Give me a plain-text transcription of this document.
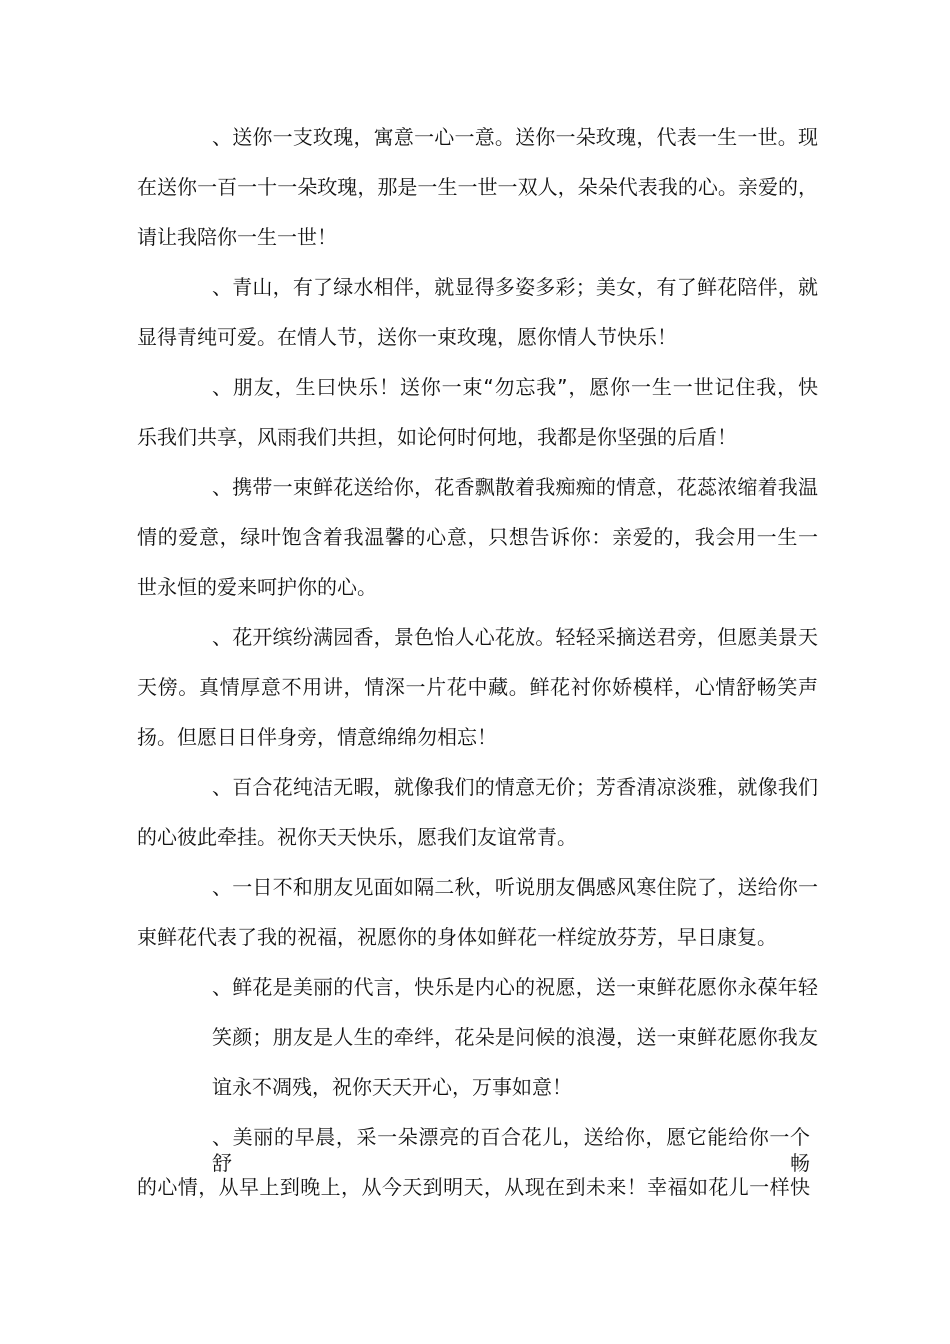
、送你一支玫瑰，寓意一心一意。送你一朵玫瑰，代表一生一世。现
在送你一百一十一朵玫瑰，那是一生一世一双人，朵朵代表我的心。亲爱的，
请让我陪你一生一世！
、青山，有了绿水相伴，就显得多姿多彩；美女，有了鲜花陪伴，就
显得青纯可爱。在情人节，送你一束玫瑰，愿你情人节快乐！
、朋友，生曰快乐！送你一束“勿忘我”，愿你一生一世记住我，快
乐我们共享，风雨我们共担，如论何时何地，我都是你坚强的后盾！
、携带一束鲜花送给你，花香飘散着我痴痴的情意，花蕊浓缩着我温
情的爱意，绿叶饱含着我温馨的心意，只想告诉你：亲爱的，我会用一生一
世永恒的爱来呵护你的心。
、花开缤纷满园香，景色怡人心花放。轻轻采摘送君旁，但愿美景天
天傍。真情厚意不用讲，情深一片花中藏。鲜花衬你娇模样，心情舒畅笑声
扬。但愿日日伴身旁，情意绵绵勿相忘！
、百合花纯洁无暇，就像我们的情意无价；芳香清凉淡雅，就像我们
的心彼此牵挂。祝你天天快乐，愿我们友谊常青。
、一日不和朋友见面如隔二秋，听说朋友偶感风寒住院了，送给你一
束鲜花代表了我的祝福，祝愿你的身体如鲜花一样绽放芬芳，早日康复。
、鲜花是美丽的代言，快乐是内心的祝愿，送一束鲜花愿你永葆年轻
笑颜；朋友是人生的牵绊，花朵是问候的浪漫，送一束鲜花愿你我友
谊永不凋残，祝你天天开心，万事如意！
、美丽的早晨，采一朵漂亮的百合花儿，送给你，愿它能给你一个舒畅
的心情，从早上到晚上，从今天到明天，从现在到未来！幸福如花儿一样快
